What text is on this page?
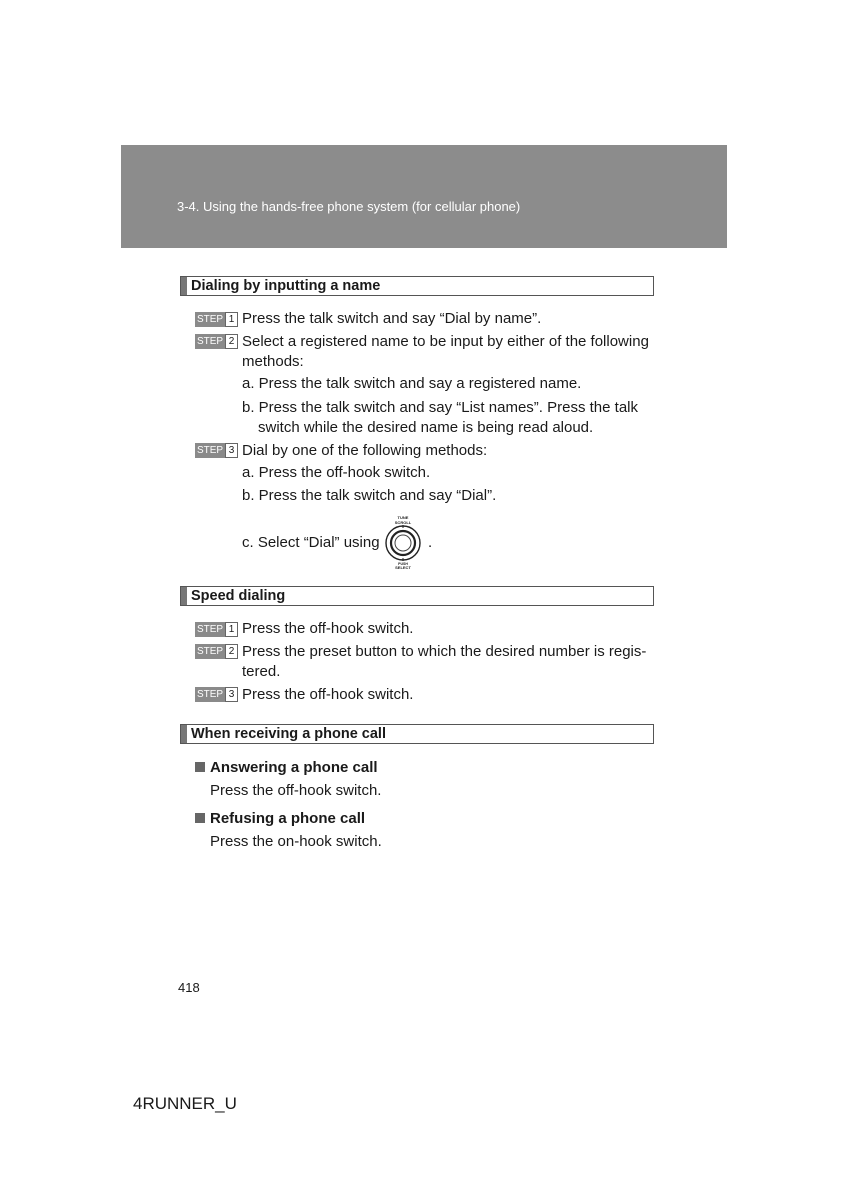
3-4. Using the hands-free phone system (for cellular phone)
Dialing by inputting a name
STEP 1 Press the talk switch and say “Dial by name”.
STEP 2 Select a registered name to be input by either of the following
methods:
a. Press the talk switch and say a registered name.
b. Press the talk switch and say “List names”. Press the talk
switch while the desired name is being read aloud.
STEP 3 Dial by one of the following methods:
a. Press the off-hook switch.
b. Press the talk switch and say “Dial”.
c. Select “Dial” using	.
TUNE
SCROLL
PUSH
SELECT
Speed dialing
STEP 1 Press the off-hook switch.
STEP 2 Press the preset button to which the desired number is regis-
tered.
STEP 3 Press the off-hook switch.
When receiving a phone call
Answering a phone call
Press the off-hook switch.
Refusing a phone call
Press the on-hook switch.
418
4RUNNER_U
